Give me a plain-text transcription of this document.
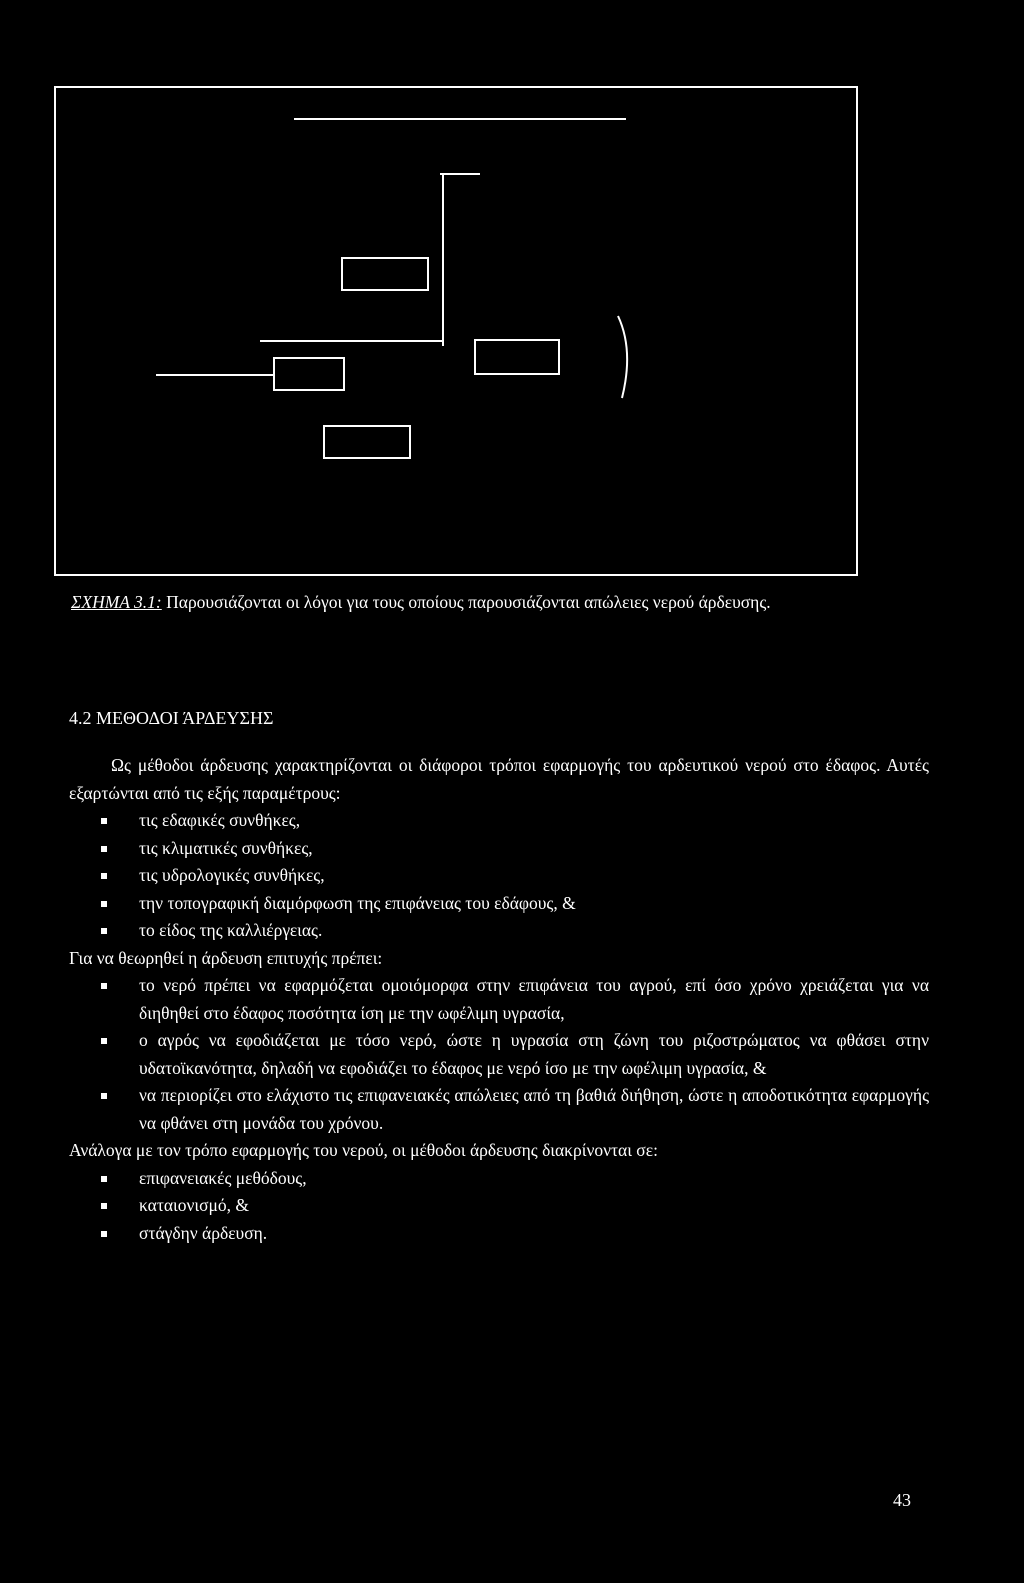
ΣΧΗΜΑ 3.1: Παρουσιάζονται οι λόγοι για τους οποίους παρουσιάζονται απώλειες νερού άρδευσης.
4.2 ΜΕΘΟΔΟΙ ΆΡΔΕΥΣΗΣ

Ως μέθοδοι άρδευσης χαρακτηρίζονται οι διάφοροι τρόποι εφαρμογής του αρδευτικού νερού στο έδαφος. Αυτές εξαρτώνται από τις εξής παραμέτρους:

τις εδαφικές συνθήκες,
τις κλιματικές συνθήκες,
τις υδρολογικές συνθήκες,
την τοπογραφική διαμόρφωση της επιφάνειας του εδάφους, &
το είδος της καλλιέργειας.

Για να θεωρηθεί η άρδευση επιτυχής πρέπει:

το νερό πρέπει να εφαρμόζεται ομοιόμορφα στην επιφάνεια του αγρού, επί όσο χρόνο χρειάζεται για να διηθηθεί στο έδαφος ποσότητα ίση με την ωφέλιμη υγρασία,
ο αγρός να εφοδιάζεται με τόσο νερό, ώστε η υγρασία στη ζώνη του ριζοστρώματος να φθάσει στην υδατοϊκανότητα, δηλαδή να εφοδιάζει το έδαφος με νερό ίσο με την ωφέλιμη υγρασία, &
να περιορίζει στο ελάχιστο τις επιφανειακές απώλειες από τη βαθιά διήθηση, ώστε η αποδοτικότητα εφαρμογής να φθάνει στη μονάδα του χρόνου.

Ανάλογα με τον τρόπο εφαρμογής του νερού, οι μέθοδοι άρδευσης διακρίνονται σε:

επιφανειακές μεθόδους,
καταιονισμό, &
στάγδην άρδευση.
43
